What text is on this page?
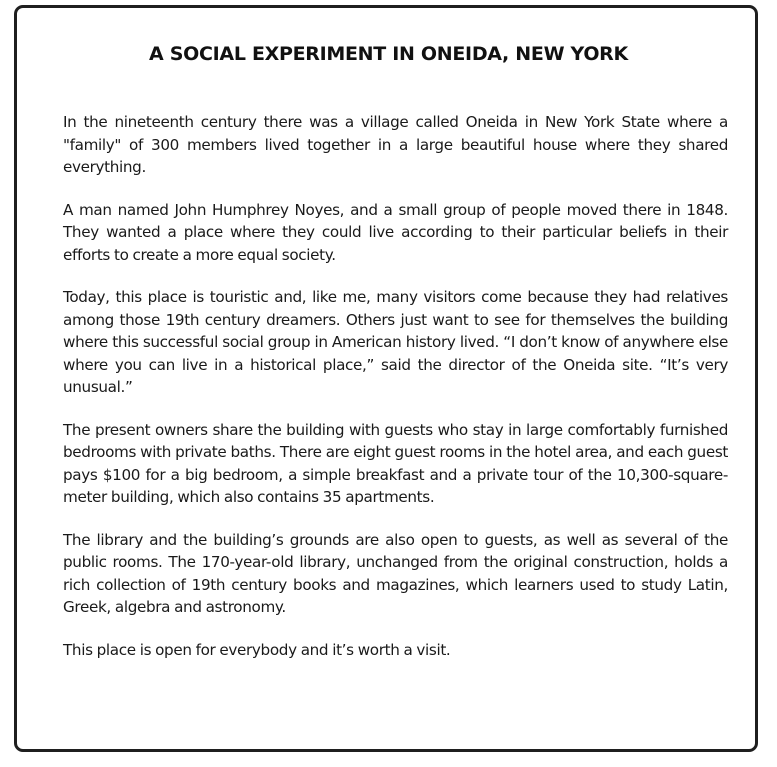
A SOCIAL EXPERIMENT IN ONEIDA, NEW YORK

In the nineteenth century there was a village called Oneida in New York State where a "family" of 300 members lived together in a large beautiful house where they shared everything.

A man named John Humphrey Noyes, and a small group of people moved there in 1848. They wanted a place where they could live according to their particular beliefs in their efforts to create a more equal society.

Today, this place is touristic and, like me, many visitors come because they had relatives among those 19th century dreamers. Others just want to see for themselves the building where this successful social group in American history lived. “I don’t know of anywhere else where you can live in a historical place,” said the director of the Oneida site. “It’s very unusual.”

The present owners share the building with guests who stay in large comfortably furnished bedrooms with private baths. There are eight guest rooms in the hotel area, and each guest pays $100 for a big bedroom, a simple breakfast and a private tour of the 10,300-square-meter building, which also contains 35 apartments.

The library and the building’s grounds are also open to guests, as well as several of the public rooms. The 170-year-old library, unchanged from the original construction, holds a rich collection of 19th century books and magazines, which learners used to study Latin, Greek, algebra and astronomy.

This place is open for everybody and it’s worth a visit.
